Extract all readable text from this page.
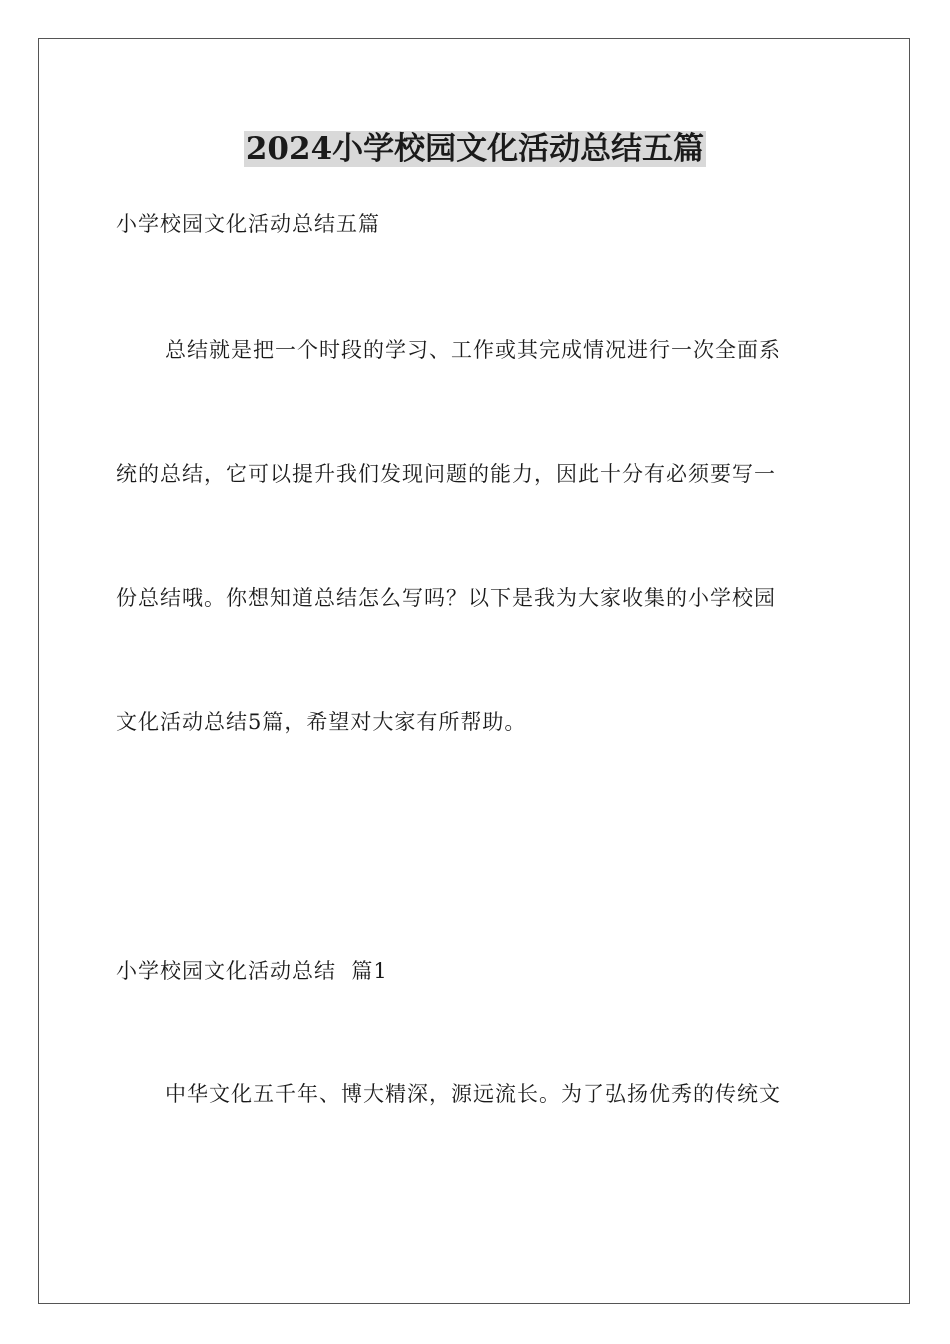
2024小学校园文化活动总结五篇
小学校园文化活动总结五篇
总结就是把一个时段的学习、工作或其完成情况进行一次全面系
统的总结，它可以提升我们发现问题的能力，因此十分有必须要写一
份总结哦。你想知道总结怎么写吗？以下是我为大家收集的小学校园
文化活动总结5篇，希望对大家有所帮助。
小学校园文化活动总结  篇1
中华文化五千年、博大精深，源远流长。为了弘扬优秀的传统文
